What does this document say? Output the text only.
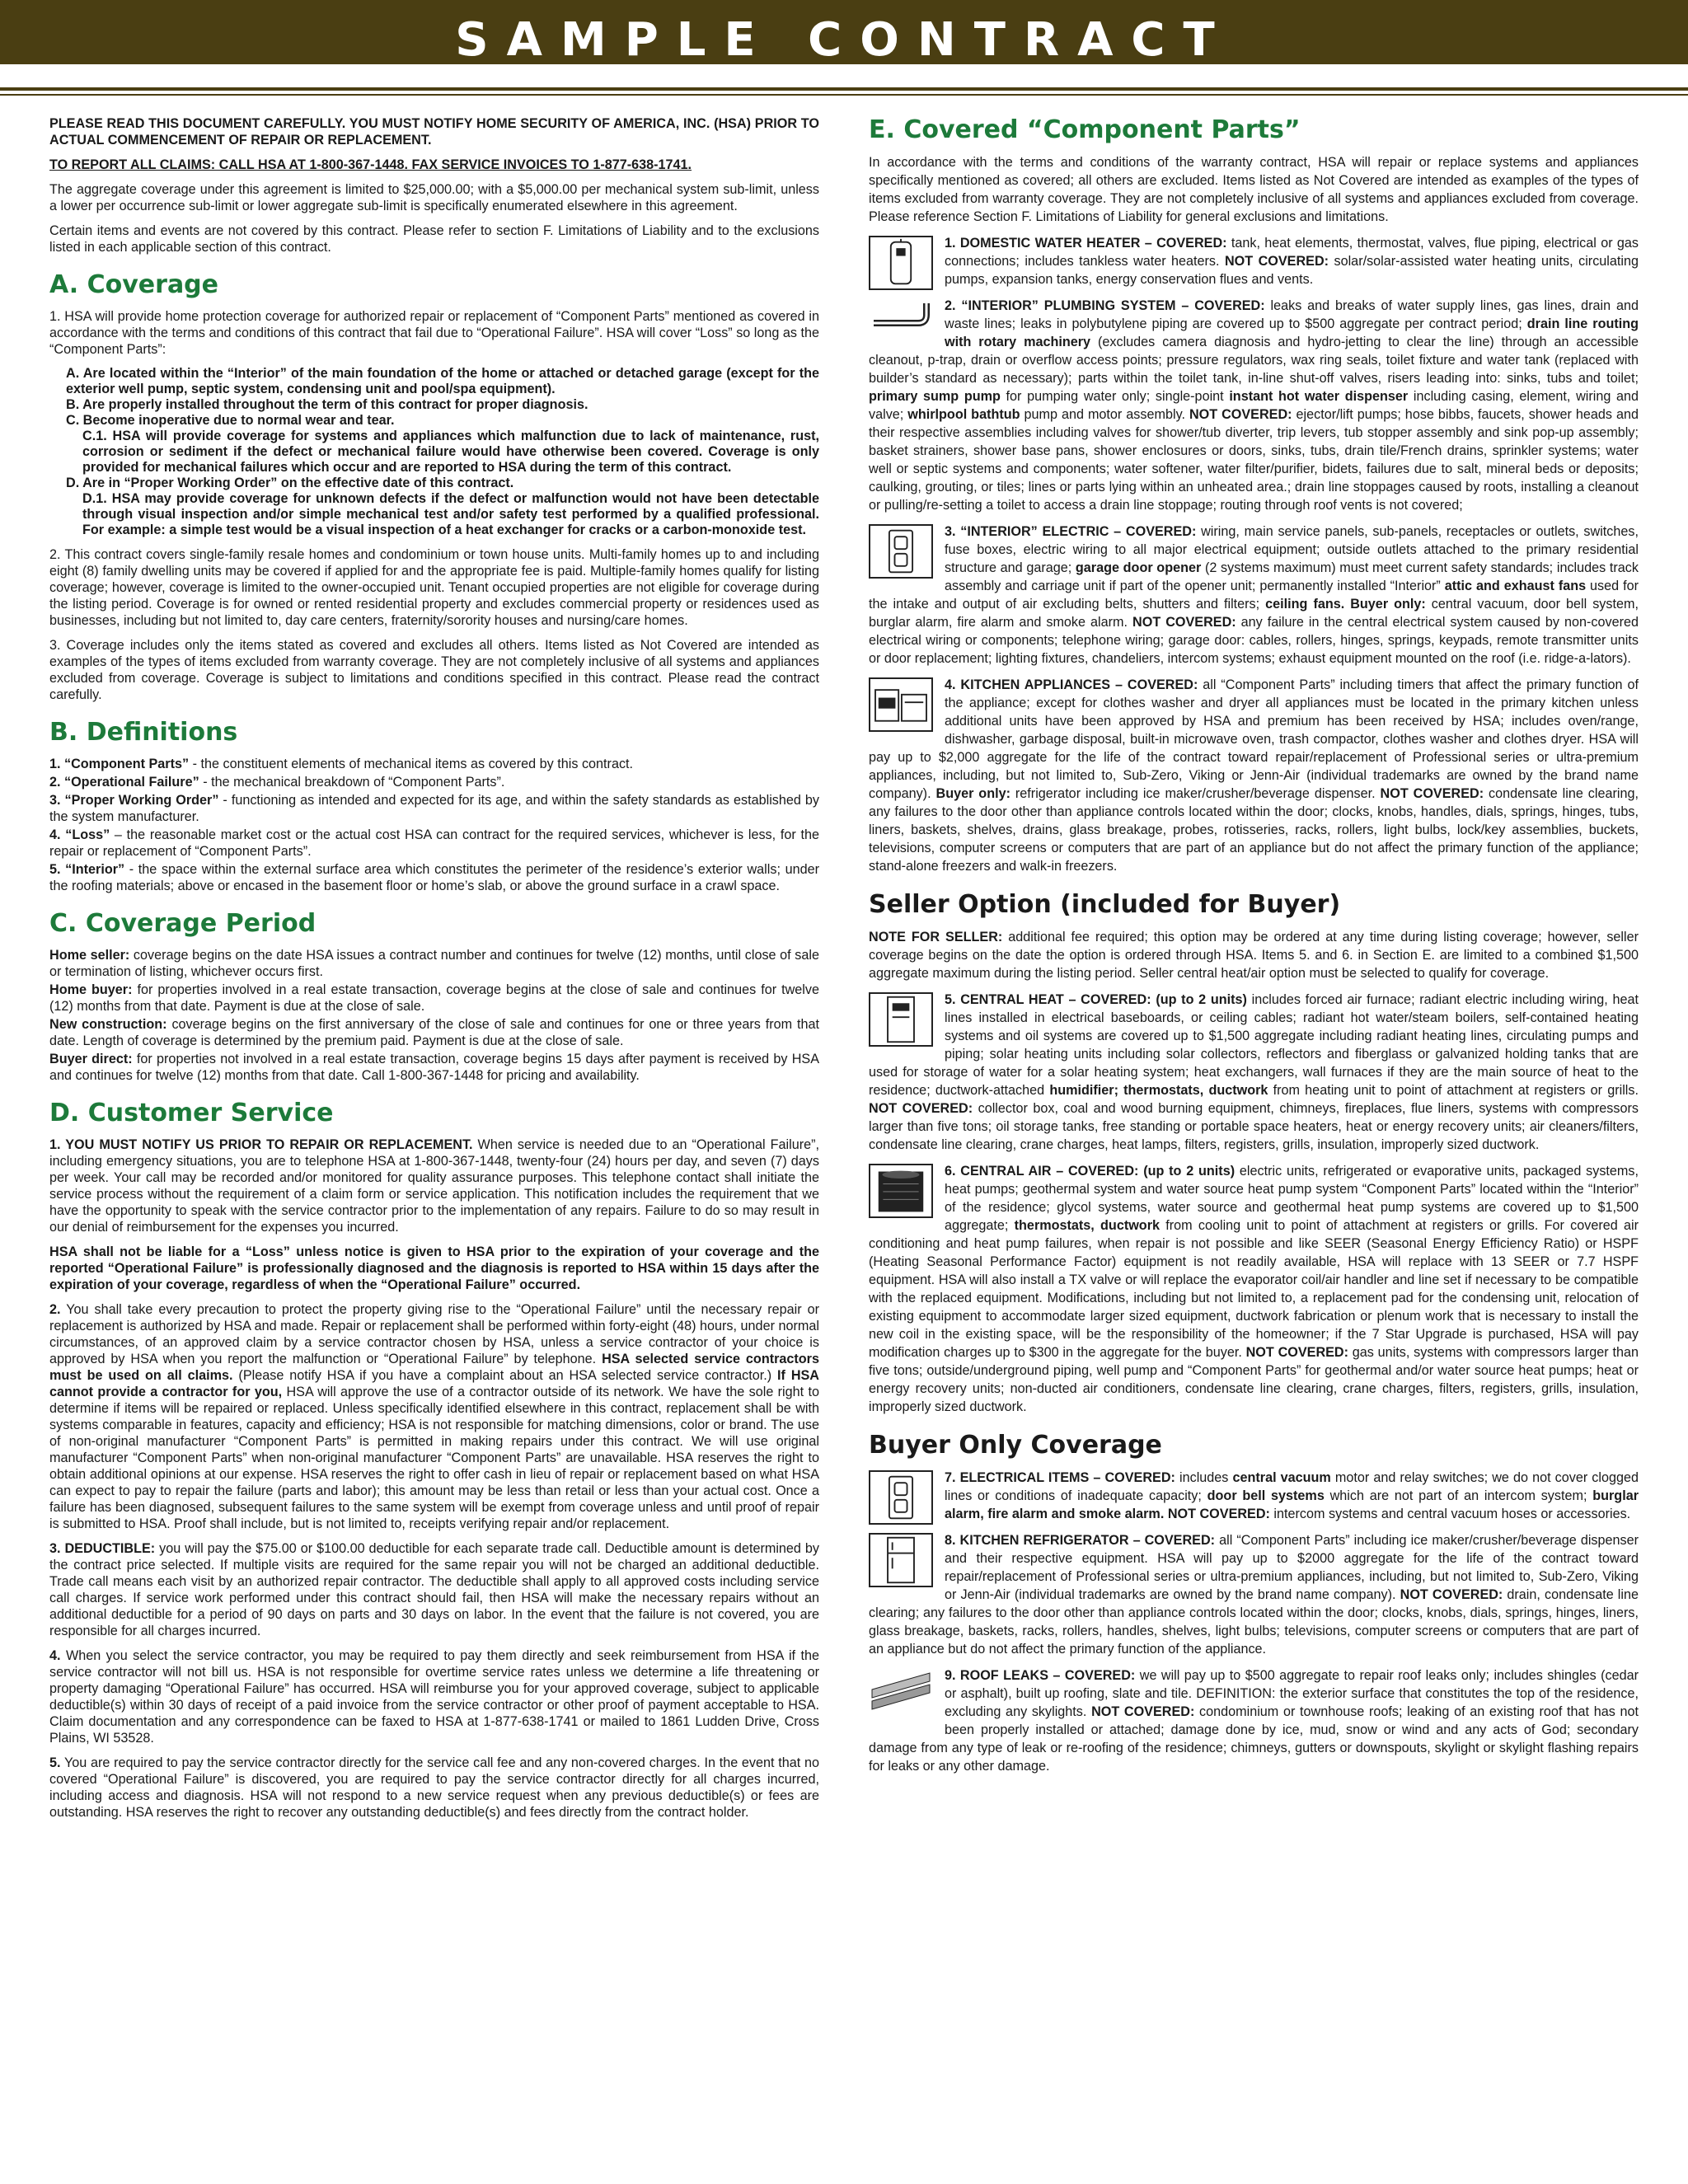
SAMPLE CONTRACT

PLEASE READ THIS DOCUMENT CAREFULLY. YOU MUST NOTIFY HOME SECURITY OF AMERICA, INC. (HSA) PRIOR TO ACTUAL COMMENCEMENT OF REPAIR OR REPLACEMENT.

TO REPORT ALL CLAIMS: CALL HSA AT 1-800-367-1448. FAX SERVICE INVOICES TO 1-877-638-1741.

The aggregate coverage under this agreement is limited to $25,000.00; with a $5,000.00 per mechanical system sub-limit, unless a lower per occurrence sub-limit or lower aggregate sub-limit is specifically enumerated elsewhere in this agreement.

Certain items and events are not covered by this contract. Please refer to section F. Limitations of Liability and to the exclusions listed in each applicable section of this contract.

A. Coverage

1. HSA will provide home protection coverage for authorized repair or replacement of “Component Parts” mentioned as covered in accordance with the terms and conditions of this contract that fail due to “Operational Failure”. HSA will cover “Loss” so long as the “Component Parts”:

A. Are located within the “Interior” of the main foundation of the home or attached or detached garage (except for the exterior well pump, septic system, condensing unit and pool/spa equipment).

B. Are properly installed throughout the term of this contract for proper diagnosis.

C. Become inoperative due to normal wear and tear.

C.1. HSA will provide coverage for systems and appliances which malfunction due to lack of maintenance, rust, corrosion or sediment if the defect or mechanical failure would have otherwise been covered. Coverage is only provided for mechanical failures which occur and are reported to HSA during the term of this contract.

D. Are in “Proper Working Order” on the effective date of this contract.

D.1. HSA may provide coverage for unknown defects if the defect or malfunction would not have been detectable through visual inspection and/or simple mechanical test and/or safety test performed by a qualified professional. For example: a simple test would be a visual inspection of a heat exchanger for cracks or a carbon-monoxide test.

2. This contract covers single-family resale homes and condominium or town house units. Multi-family homes up to and including eight (8) family dwelling units may be covered if applied for and the appropriate fee is paid. Multiple-family homes qualify for listing coverage; however, coverage is limited to the owner-occupied unit. Tenant occupied properties are not eligible for coverage during the listing period. Coverage is for owned or rented residential property and excludes commercial property or residences used as businesses, including but not limited to, day care centers, fraternity/sorority houses and nursing/care homes.

3. Coverage includes only the items stated as covered and excludes all others. Items listed as Not Covered are intended as examples of the types of items excluded from warranty coverage. They are not completely inclusive of all systems and appliances excluded from coverage. Coverage is subject to limitations and conditions specified in this contract. Please read the contract carefully.

B. Definitions

1. “Component Parts” - the constituent elements of mechanical items as covered by this contract.

2. “Operational Failure” - the mechanical breakdown of “Component Parts”.

3. “Proper Working Order” - functioning as intended and expected for its age, and within the safety standards as established by the system manufacturer.

4. “Loss” – the reasonable market cost or the actual cost HSA can contract for the required services, whichever is less, for the repair or replacement of “Component Parts”.

5. “Interior” - the space within the external surface area which constitutes the perimeter of the residence’s exterior walls; under the roofing materials; above or encased in the basement floor or home’s slab, or above the ground surface in a crawl space.

C. Coverage Period

Home seller: coverage begins on the date HSA issues a contract number and continues for twelve (12) months, until close of sale or termination of listing, whichever occurs first.

Home buyer: for properties involved in a real estate transaction, coverage begins at the close of sale and continues for twelve (12) months from that date. Payment is due at the close of sale.

New construction: coverage begins on the first anniversary of the close of sale and continues for one or three years from that date. Length of coverage is determined by the premium paid. Payment is due at the close of sale.

Buyer direct: for properties not involved in a real estate transaction, coverage begins 15 days after payment is received by HSA and continues for twelve (12) months from that date. Call 1-800-367-1448 for pricing and availability.

D. Customer Service

1. YOU MUST NOTIFY US PRIOR TO REPAIR OR REPLACEMENT. When service is needed due to an “Operational Failure”, including emergency situations, you are to telephone HSA at 1-800-367-1448, twenty-four (24) hours per day, and seven (7) days per week. Your call may be recorded and/or monitored for quality assurance purposes. This telephone contact shall initiate the service process without the requirement of a claim form or service application. This notification includes the requirement that we have the opportunity to speak with the service contractor prior to the implementation of any repairs. Failure to do so may result in our denial of reimbursement for the expenses you incurred.

HSA shall not be liable for a “Loss” unless notice is given to HSA prior to the expiration of your coverage and the reported “Operational Failure” is professionally diagnosed and the diagnosis is reported to HSA within 15 days after the expiration of your coverage, regardless of when the “Operational Failure” occurred.

2. You shall take every precaution to protect the property giving rise to the “Operational Failure” until the necessary repair or replacement is authorized by HSA and made. Repair or replacement shall be performed within forty-eight (48) hours, under normal circumstances, of an approved claim by a service contractor chosen by HSA, unless a service contractor of your choice is approved by HSA when you report the malfunction or “Operational Failure” by telephone. HSA selected service contractors must be used on all claims. (Please notify HSA if you have a complaint about an HSA selected service contractor.) If HSA cannot provide a contractor for you, HSA will approve the use of a contractor outside of its network. We have the sole right to determine if items will be repaired or replaced. Unless specifically identified elsewhere in this contract, replacement shall be with systems comparable in features, capacity and efficiency; HSA is not responsible for matching dimensions, color or brand. The use of non-original manufacturer “Component Parts” is permitted in making repairs under this contract. We will use original manufacturer “Component Parts” when non-original manufacturer “Component Parts” are unavailable. HSA reserves the right to obtain additional opinions at our expense. HSA reserves the right to offer cash in lieu of repair or replacement based on what HSA can expect to pay to repair the failure (parts and labor); this amount may be less than retail or less than your actual cost. Once a failure has been diagnosed, subsequent failures to the same system will be exempt from coverage unless and until proof of repair is submitted to HSA. Proof shall include, but is not limited to, receipts verifying repair and/or replacement.

3. DEDUCTIBLE: you will pay the $75.00 or $100.00 deductible for each separate trade call. Deductible amount is determined by the contract price selected. If multiple visits are required for the same repair you will not be charged an additional deductible. Trade call means each visit by an authorized repair contractor. The deductible shall apply to all approved costs including service call charges. If service work performed under this contract should fail, then HSA will make the necessary repairs without an additional deductible for a period of 90 days on parts and 30 days on labor. In the event that the failure is not covered, you are responsible for all charges incurred.

4. When you select the service contractor, you may be required to pay them directly and seek reimbursement from HSA if the service contractor will not bill us. HSA is not responsible for overtime service rates unless we determine a life threatening or property damaging “Operational Failure” has occurred. HSA will reimburse you for your approved coverage, subject to applicable deductible(s) within 30 days of receipt of a paid invoice from the service contractor or other proof of payment acceptable to HSA. Claim documentation and any correspondence can be faxed to HSA at 1-877-638-1741 or mailed to 1861 Ludden Drive, Cross Plains, WI 53528.

5. You are required to pay the service contractor directly for the service call fee and any non-covered charges. In the event that no covered “Operational Failure” is discovered, you are required to pay the service contractor directly for all charges incurred, including access and diagnosis. HSA will not respond to a new service request when any previous deductible(s) or fees are outstanding. HSA reserves the right to recover any outstanding deductible(s) and fees directly from the contract holder.

E. Covered “Component Parts”

In accordance with the terms and conditions of the warranty contract, HSA will repair or replace systems and appliances specifically mentioned as covered; all others are excluded. Items listed as Not Covered are intended as examples of the types of items excluded from warranty coverage. They are not completely inclusive of all systems and appliances excluded from coverage. Please reference Section F. Limitations of Liability for general exclusions and limitations.

1. DOMESTIC WATER HEATER – COVERED: tank, heat elements, thermostat, valves, flue piping, electrical or gas connections; includes tankless water heaters. NOT COVERED: solar/solar-assisted water heating units, circulating pumps, expansion tanks, energy conservation flues and vents.

2. “INTERIOR” PLUMBING SYSTEM – COVERED: leaks and breaks of water supply lines, gas lines, drain and waste lines; leaks in polybutylene piping are covered up to $500 aggregate per contract period; drain line routing with rotary machinery (excludes camera diagnosis and hydro-jetting to clear the line) through an accessible cleanout, p-trap, drain or overflow access points; pressure regulators, wax ring seals, toilet fixture and water tank (replaced with builder’s standard as necessary); parts within the toilet tank, in-line shut-off valves, risers leading into: sinks, tubs and toilet; primary sump pump for pumping water only; single-point instant hot water dispenser including casing, element, wiring and valve; whirlpool bathtub pump and motor assembly. NOT COVERED: ejector/lift pumps; hose bibbs, faucets, shower heads and their respective assemblies including valves for shower/tub diverter, trip levers, tub stopper assembly and sink pop-up assembly; basket strainers, shower base pans, shower enclosures or doors, sinks, tubs, drain tile/French drains, sprinkler systems; water well or septic systems and components; water softener, water filter/purifier, bidets, failures due to salt, mineral beds or deposits; caulking, grouting, or tiles; lines or parts lying within an unheated area.; drain line stoppages caused by roots, installing a cleanout or pulling/re-setting a toilet to access a drain line stoppage; routing through roof vents is not covered;

3. “INTERIOR” ELECTRIC – COVERED: wiring, main service panels, sub-panels, receptacles or outlets, switches, fuse boxes, electric wiring to all major electrical equipment; outside outlets attached to the primary residential structure and garage; garage door opener (2 systems maximum) must meet current safety standards; includes track assembly and carriage unit if part of the opener unit; permanently installed “Interior” attic and exhaust fans used for the intake and output of air excluding belts, shutters and filters; ceiling fans. Buyer only: central vacuum, door bell system, burglar alarm, fire alarm and smoke alarm. NOT COVERED: any failure in the central electrical system caused by non-covered electrical wiring or components; telephone wiring; garage door: cables, rollers, hinges, springs, keypads, remote transmitter units or door replacement; lighting fixtures, chandeliers, intercom systems; exhaust equipment mounted on the roof (i.e. ridge-a-lators).

4. KITCHEN APPLIANCES – COVERED: all “Component Parts” including timers that affect the primary function of the appliance; except for clothes washer and dryer all appliances must be located in the primary kitchen unless additional units have been approved by HSA and premium has been received by HSA; includes oven/range, dishwasher, garbage disposal, built-in microwave oven, trash compactor, clothes washer and clothes dryer. HSA will pay up to $2,000 aggregate for the life of the contract toward repair/replacement of Professional series or ultra-premium appliances, including, but not limited to, Sub-Zero, Viking or Jenn-Air (individual trademarks are owned by the brand name company). Buyer only: refrigerator including ice maker/crusher/beverage dispenser. NOT COVERED: condensate line clearing, any failures to the door other than appliance controls located within the door; clocks, knobs, handles, dials, springs, hinges, tubs, liners, baskets, shelves, drains, glass breakage, probes, rotisseries, racks, rollers, light bulbs, lock/key assemblies, buckets, televisions, computer screens or computers that are part of an appliance but do not affect the primary function of the appliance; stand-alone freezers and walk-in freezers.

Seller Option (included for Buyer)

NOTE FOR SELLER: additional fee required; this option may be ordered at any time during listing coverage; however, seller coverage begins on the date the option is ordered through HSA. Items 5. and 6. in Section E. are limited to a combined $1,500 aggregate maximum during the listing period. Seller central heat/air option must be selected to qualify for coverage.

5. CENTRAL HEAT – COVERED: (up to 2 units) includes forced air furnace; radiant electric including wiring, heat lines installed in electrical baseboards, or ceiling cables; radiant hot water/steam boilers, self-contained heating systems and oil systems are covered up to $1,500 aggregate including radiant heating lines, circulating pumps and piping; solar heating units including solar collectors, reflectors and fiberglass or galvanized holding tanks that are used for storage of water for a solar heating system; heat exchangers, wall furnaces if they are the main source of heat to the residence; ductwork-attached humidifier; thermostats, ductwork from heating unit to point of attachment at registers or grills. NOT COVERED: collector box, coal and wood burning equipment, chimneys, fireplaces, flue liners, systems with compressors larger than five tons; oil storage tanks, free standing or portable space heaters, heat or energy recovery units; air cleaners/filters, condensate line clearing, crane charges, heat lamps, filters, registers, grills, insulation, improperly sized ductwork.

6. CENTRAL AIR – COVERED: (up to 2 units) electric units, refrigerated or evaporative units, packaged systems, heat pumps; geothermal system and water source heat pump system “Component Parts” located within the “Interior” of the residence; glycol systems, water source and geothermal heat pump systems are covered up to $1,500 aggregate; thermostats, ductwork from cooling unit to point of attachment at registers or grills. For covered air conditioning and heat pump failures, when repair is not possible and like SEER (Seasonal Energy Efficiency Ratio) or HSPF (Heating Seasonal Performance Factor) equipment is not readily available, HSA will replace with 13 SEER or 7.7 HSPF equipment. HSA will also install a TX valve or will replace the evaporator coil/air handler and line set if necessary to be compatible with the replaced equipment. Modifications, including but not limited to, a replacement pad for the condensing unit, relocation of existing equipment to accommodate larger sized equipment, ductwork fabrication or plenum work that is necessary to install the new coil in the existing space, will be the responsibility of the homeowner; if the 7 Star Upgrade is purchased, HSA will pay modification charges up to $300 in the aggregate for the buyer. NOT COVERED: gas units, systems with compressors larger than five tons; outside/underground piping, well pump and “Component Parts” for geothermal and/or water source heat pumps; heat or energy recovery units; non-ducted air conditioners, condensate line clearing, crane charges, filters, registers, grills, insulation, improperly sized ductwork.

Buyer Only Coverage

7. ELECTRICAL ITEMS – COVERED: includes central vacuum motor and relay switches; we do not cover clogged lines or conditions of inadequate capacity; door bell systems which are not part of an intercom system; burglar alarm, fire alarm and smoke alarm. NOT COVERED: intercom systems and central vacuum hoses or accessories.

8. KITCHEN REFRIGERATOR – COVERED: all “Component Parts” including ice maker/crusher/beverage dispenser and their respective equipment. HSA will pay up to $2000 aggregate for the life of the contract toward repair/replacement of Professional series or ultra-premium appliances, including, but not limited to, Sub-Zero, Viking or Jenn-Air (individual trademarks are owned by the brand name company). NOT COVERED: drain, condensate line clearing; any failures to the door other than appliance controls located within the door; clocks, knobs, dials, springs, hinges, liners, glass breakage, baskets, racks, rollers, handles, shelves, light bulbs; televisions, computer screens or computers that are part of an appliance but do not affect the primary function of the appliance.

9. ROOF LEAKS – COVERED: we will pay up to $500 aggregate to repair roof leaks only; includes shingles (cedar or asphalt), built up roofing, slate and tile. DEFINITION: the exterior surface that constitutes the top of the residence, excluding any skylights. NOT COVERED: condominium or townhouse roofs; leaking of an existing roof that has not been properly installed or attached; damage done by ice, mud, snow or wind and any acts of God; secondary damage from any type of leak or re-roofing of the residence; chimneys, gutters or downspouts, skylight or skylight flashing repairs for leaks or any other damage.
